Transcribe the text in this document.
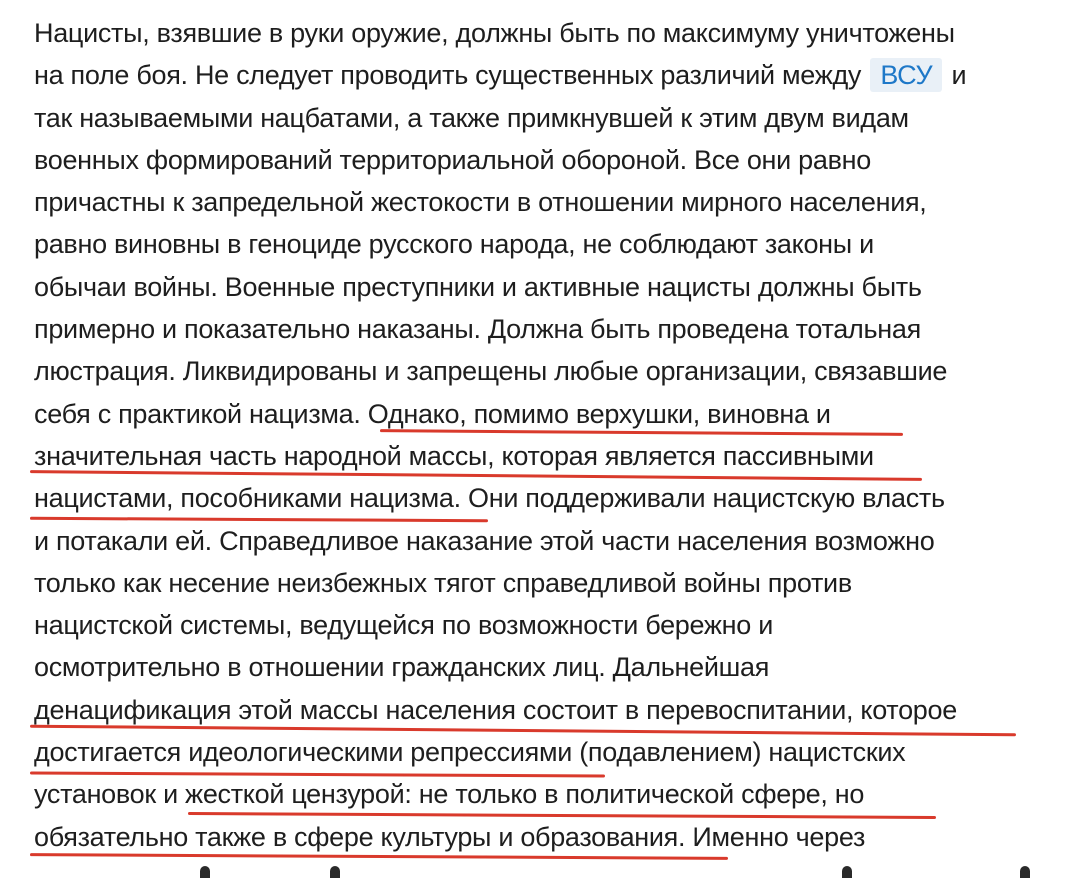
Нацисты, взявшие в руки оружие, должны быть по максимуму уничтожены
на поле боя. Не следует проводить существенных различий между ВСУ и
так называемыми нацбатами, а также примкнувшей к этим двум видам
военных формирований территориальной обороной. Все они равно
причастны к запредельной жестокости в отношении мирного населения,
равно виновны в геноциде русского народа, не соблюдают законы и
обычаи войны. Военные преступники и активные нацисты должны быть
примерно и показательно наказаны. Должна быть проведена тотальная
люстрация. Ликвидированы и запрещены любые организации, связавшие
себя с практикой нацизма. Однако, помимо верхушки, виновна и
значительная часть народной массы, которая является пассивными
нацистами, пособниками нацизма. Они поддерживали нацистскую власть
и потакали ей. Справедливое наказание этой части населения возможно
только как несение неизбежных тягот справедливой войны против
нацистской системы, ведущейся по возможности бережно и
осмотрительно в отношении гражданских лиц. Дальнейшая
денацификация этой массы населения состоит в перевоспитании, которое
достигается идеологическими репрессиями (подавлением) нацистских
установок и жесткой цензурой: не только в политической сфере, но
обязательно также в сфере культуры и образования. Именно через
